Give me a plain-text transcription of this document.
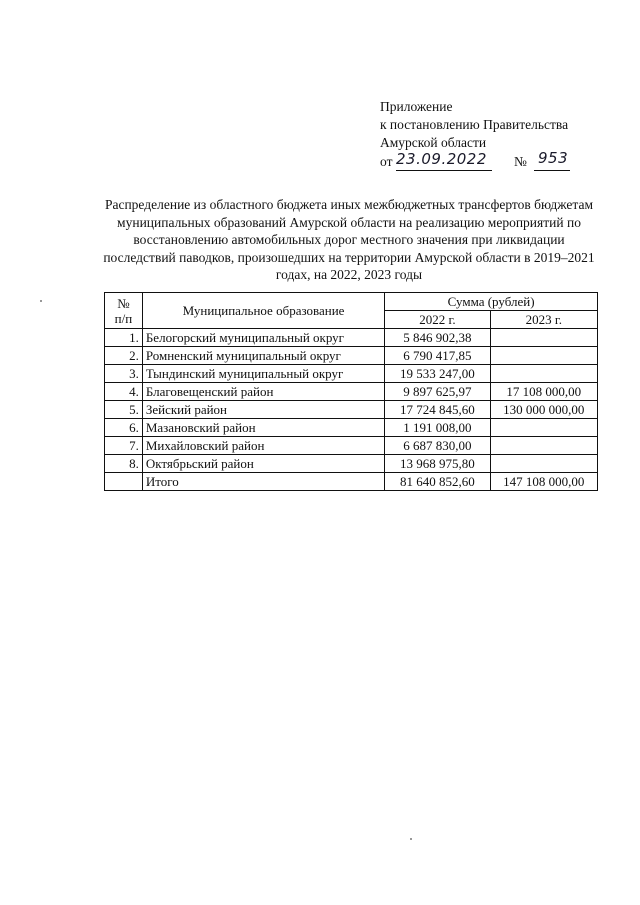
Приложение
к постановлению Правительства
Амурской области
от 23.09.2022 № 953
Распределение из областного бюджета иных межбюджетных трансфертов бюджетам муниципальных образований Амурской области на реализацию мероприятий по восстановлению автомобильных дорог местного значения при ликвидации последствий паводков, произошедших на территории Амурской области в 2019–2021 годах, на 2022, 2023 годы
№
п/п	Муниципальное образование	Сумма (рублей)	
		2022 г.	2023 г.
1.	Белогорский муниципальный округ	5 846 902,38	
2.	Ромненский муниципальный округ	6 790 417,85	
3.	Тындинский муниципальный округ	19 533 247,00	
4.	Благовещенский район	9 897 625,97	17 108 000,00
5.	Зейский район	17 724 845,60	130 000 000,00
6.	Мазановский район	1 191 008,00	
7.	Михайловский район	6 687 830,00	
8.	Октябрьский район	13 968 975,80	
	Итого	81 640 852,60	147 108 000,00
